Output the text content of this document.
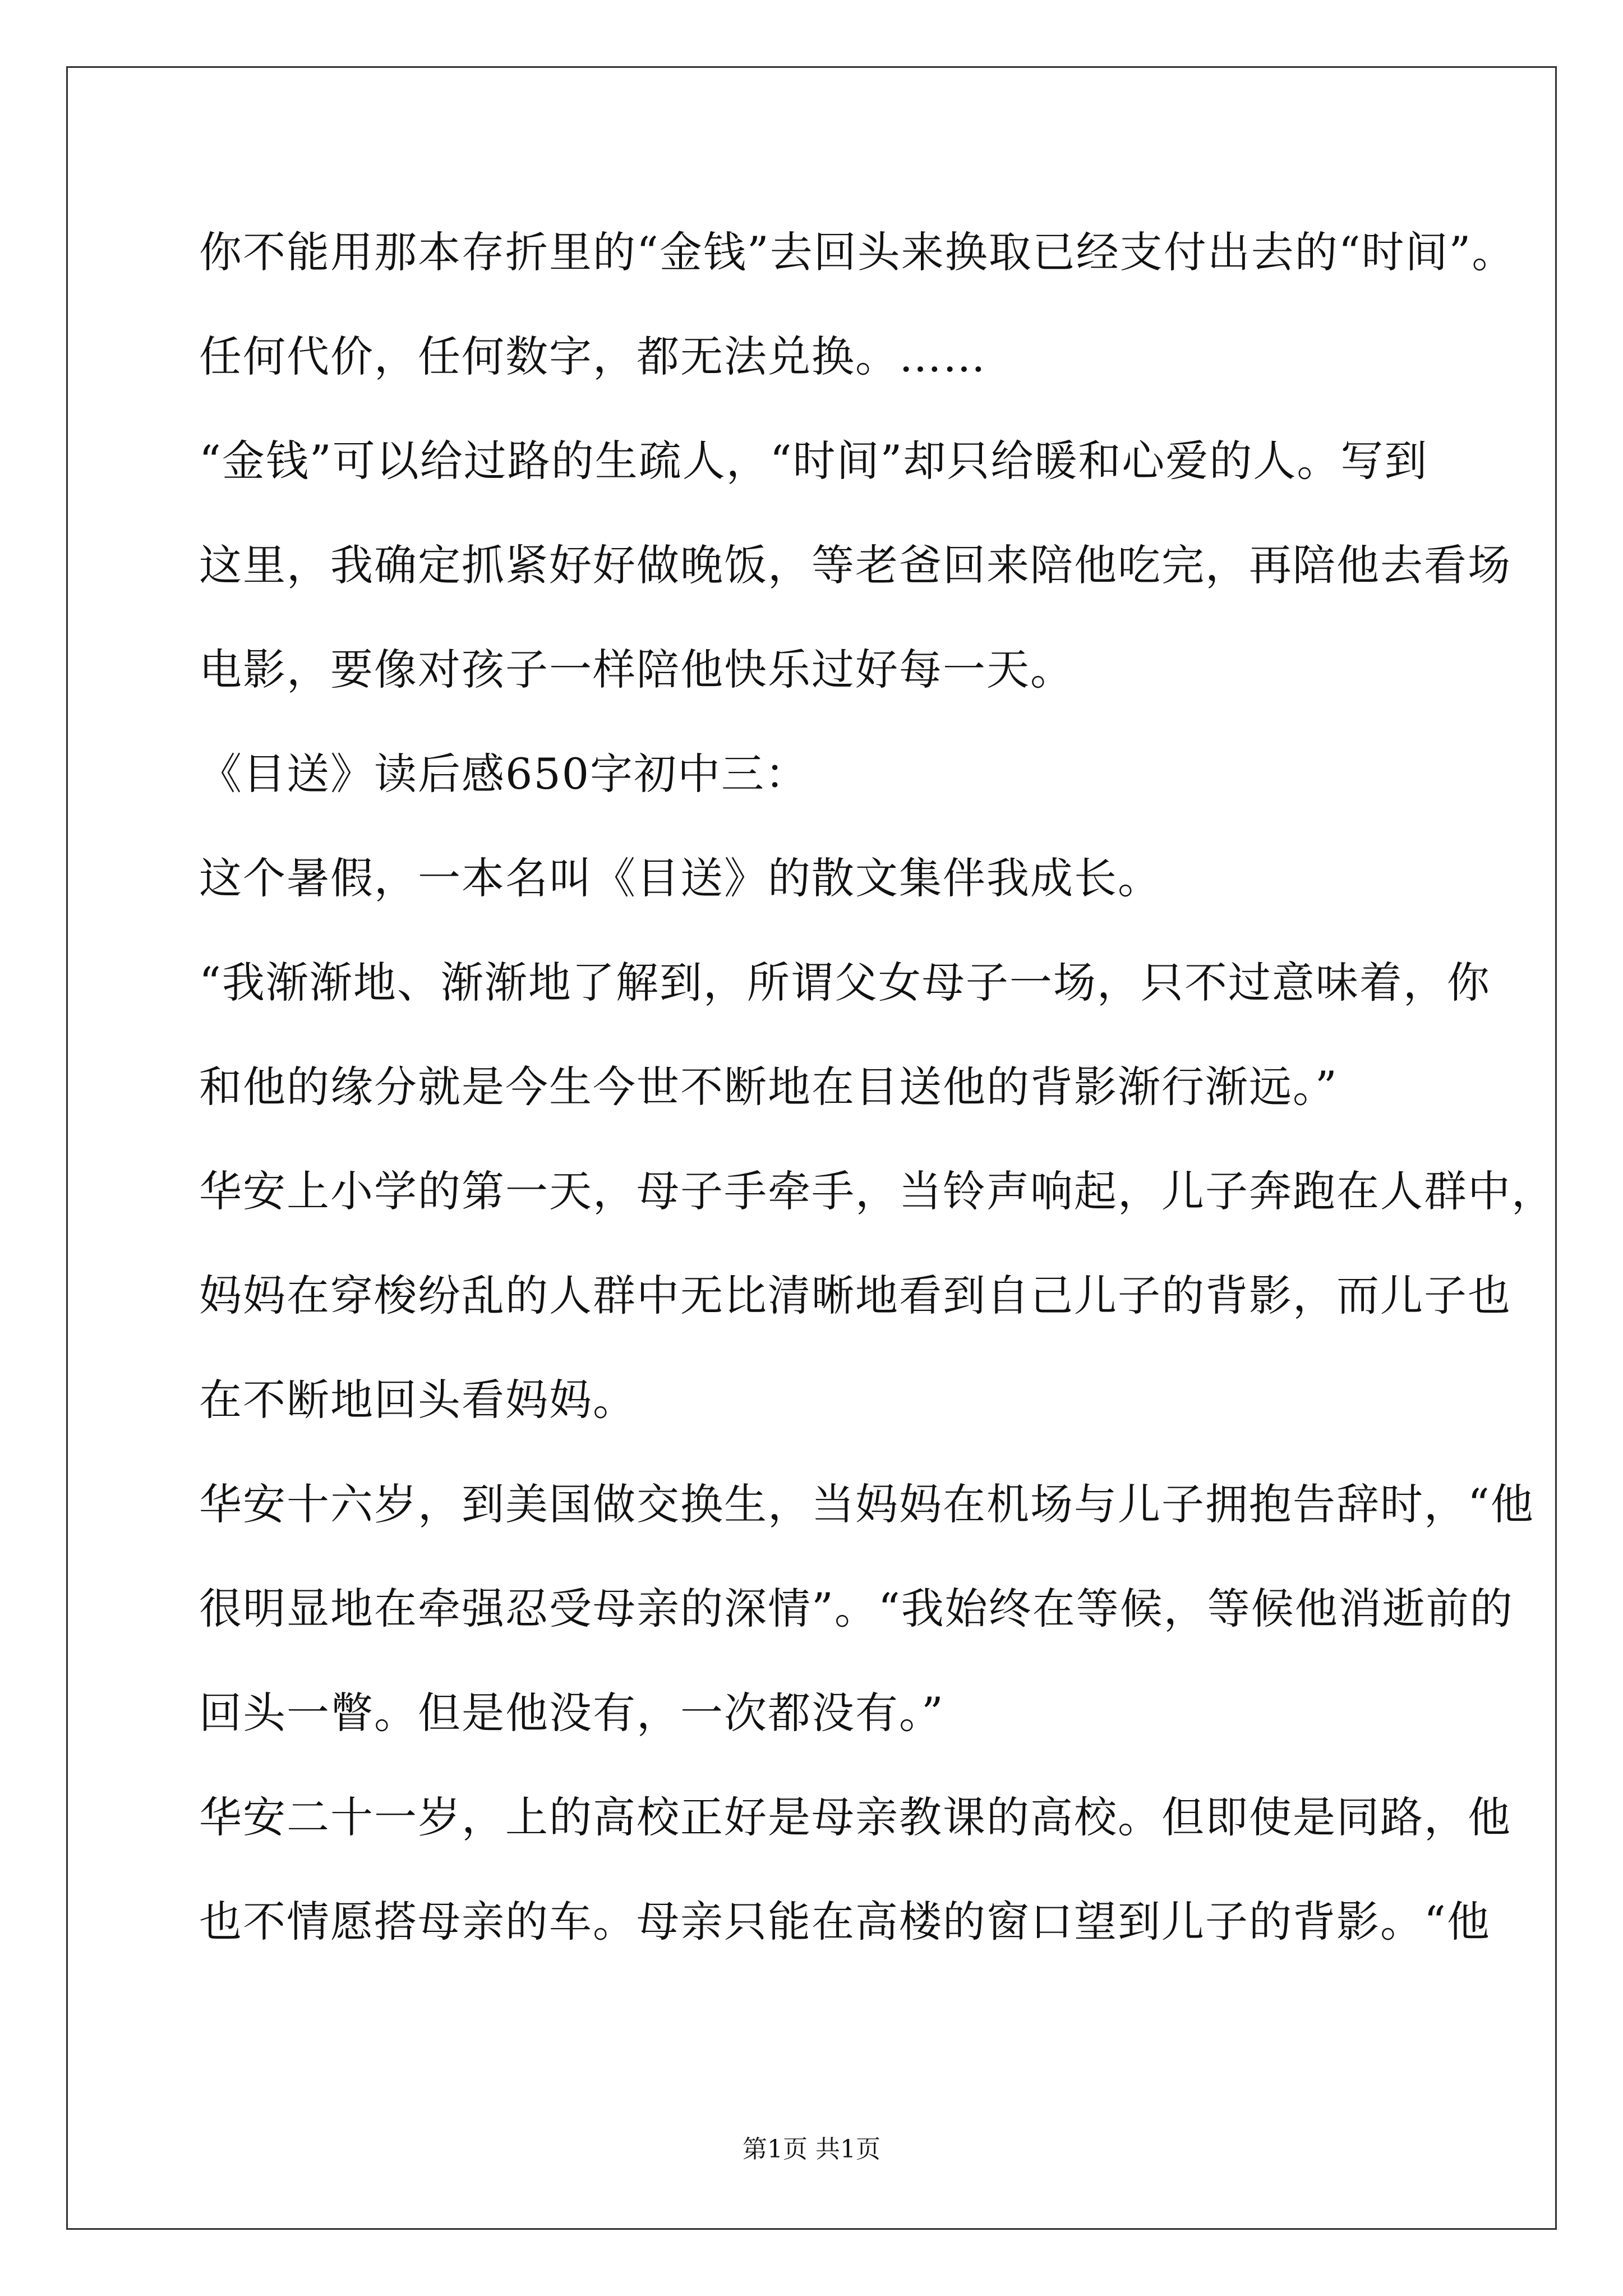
你不能用那本存折里的“金钱”去回头来换取已经支付出去的“时间”。
任何代价，任何数字，都无法兑换。……
“金钱”可以给过路的生疏人，“时间”却只给暖和心爱的人。写到
这里，我确定抓紧好好做晚饭，等老爸回来陪他吃完，再陪他去看场
电影，要像对孩子一样陪他快乐过好每一天。
《目送》读后感650字初中三：
这个暑假，一本名叫《目送》的散文集伴我成长。
“我渐渐地、渐渐地了解到，所谓父女母子一场，只不过意味着，你
和他的缘分就是今生今世不断地在目送他的背影渐行渐远。”
华安上小学的第一天，母子手牵手，当铃声响起，儿子奔跑在人群中，
妈妈在穿梭纷乱的人群中无比清晰地看到自己儿子的背影，而儿子也
在不断地回头看妈妈。
华安十六岁，到美国做交换生，当妈妈在机场与儿子拥抱告辞时，“他
很明显地在牵强忍受母亲的深情”。“我始终在等候，等候他消逝前的
回头一瞥。但是他没有，一次都没有。”
华安二十一岁，上的高校正好是母亲教课的高校。但即使是同路，他
也不情愿搭母亲的车。母亲只能在高楼的窗口望到儿子的背影。“他
第1页 共1页
